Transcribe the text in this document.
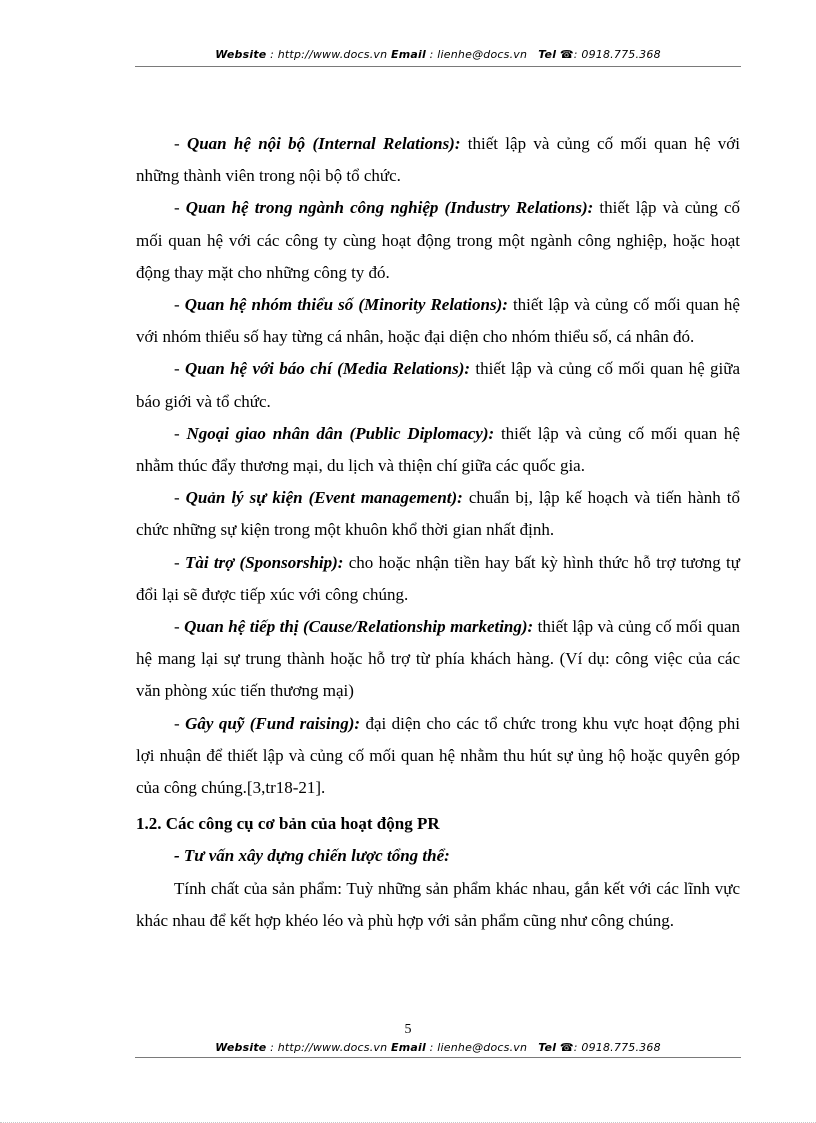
Website : http://www.docs.vn Email : lienhe@docs.vn Tel ☎: 0918.775.368

- Quan hệ nội bộ (Internal Relations): thiết lập và củng cố mối quan hệ với những thành viên trong nội bộ tổ chức.

- Quan hệ trong ngành công nghiệp (Industry Relations): thiết lập và củng cố mối quan hệ với các công ty cùng hoạt động trong một ngành công nghiệp, hoặc hoạt động thay mặt cho những công ty đó.

- Quan hệ nhóm thiểu số (Minority Relations): thiết lập và củng cố mối quan hệ với nhóm thiểu số hay từng cá nhân, hoặc đại diện cho nhóm thiểu số, cá nhân đó.

- Quan hệ với báo chí (Media Relations): thiết lập và củng cố mối quan hệ giữa báo giới và tổ chức.

- Ngoại giao nhân dân (Public Diplomacy): thiết lập và củng cố mối quan hệ nhằm thúc đẩy thương mại, du lịch và thiện chí giữa các quốc gia.

- Quản lý sự kiện (Event management): chuẩn bị, lập kế hoạch và tiến hành tổ chức những sự kiện trong một khuôn khổ thời gian nhất định.

- Tài trợ (Sponsorship): cho hoặc nhận tiền hay bất kỳ hình thức hỗ trợ tương tự đổi lại sẽ được tiếp xúc với công chúng.

- Quan hệ tiếp thị (Cause/Relationship marketing): thiết lập và củng cố mối quan hệ mang lại sự trung thành hoặc hỗ trợ từ phía khách hàng. (Ví dụ: công việc của các văn phòng xúc tiến thương mại)

- Gây quỹ (Fund raising): đại diện cho các tổ chức trong khu vực hoạt động phi lợi nhuận để thiết lập và củng cố mối quan hệ nhằm thu hút sự ủng hộ hoặc quyên góp của công chúng.[3,tr18-21].

1.2. Các công cụ cơ bản của hoạt động PR

- Tư vấn xây dựng chiến lược tổng thể:

Tính chất của sản phẩm: Tuỳ những sản phẩm khác nhau, gắn kết với các lĩnh vực khác nhau để kết hợp khéo léo và phù hợp với sản phẩm cũng như công chúng.

5
Website : http://www.docs.vn Email : lienhe@docs.vn Tel ☎: 0918.775.368
